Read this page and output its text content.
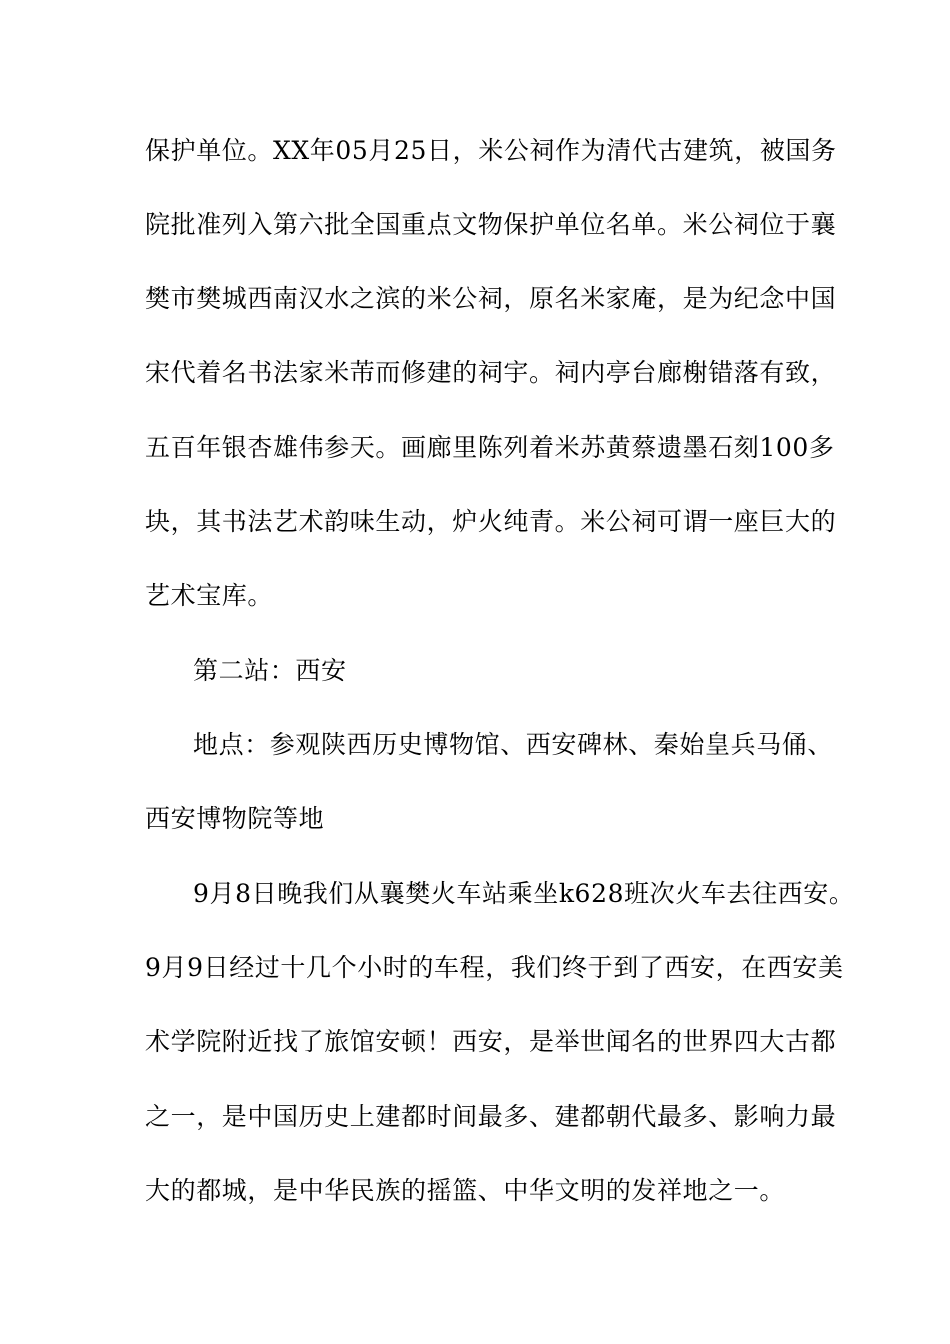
保护单位。XX年05月25日，米公祠作为清代古建筑，被国务
院批准列入第六批全国重点文物保护单位名单。米公祠位于襄
樊市樊城西南汉水之滨的米公祠，原名米家庵，是为纪念中国
宋代着名书法家米芾而修建的祠宇。祠内亭台廊榭错落有致，
五百年银杏雄伟参天。画廊里陈列着米苏黄蔡遗墨石刻100多
块，其书法艺术韵味生动，炉火纯青。米公祠可谓一座巨大的
艺术宝库。
第二站：西安
地点：参观陕西历史博物馆、西安碑林、秦始皇兵马俑、
西安博物院等地
9月8日晚我们从襄樊火车站乘坐k628班次火车去往西安。
9月9日经过十几个小时的车程，我们终于到了西安，在西安美
术学院附近找了旅馆安顿！西安，是举世闻名的世界四大古都
之一，是中国历史上建都时间最多、建都朝代最多、影响力最
大的都城，是中华民族的摇篮、中华文明的发祥地之一。
